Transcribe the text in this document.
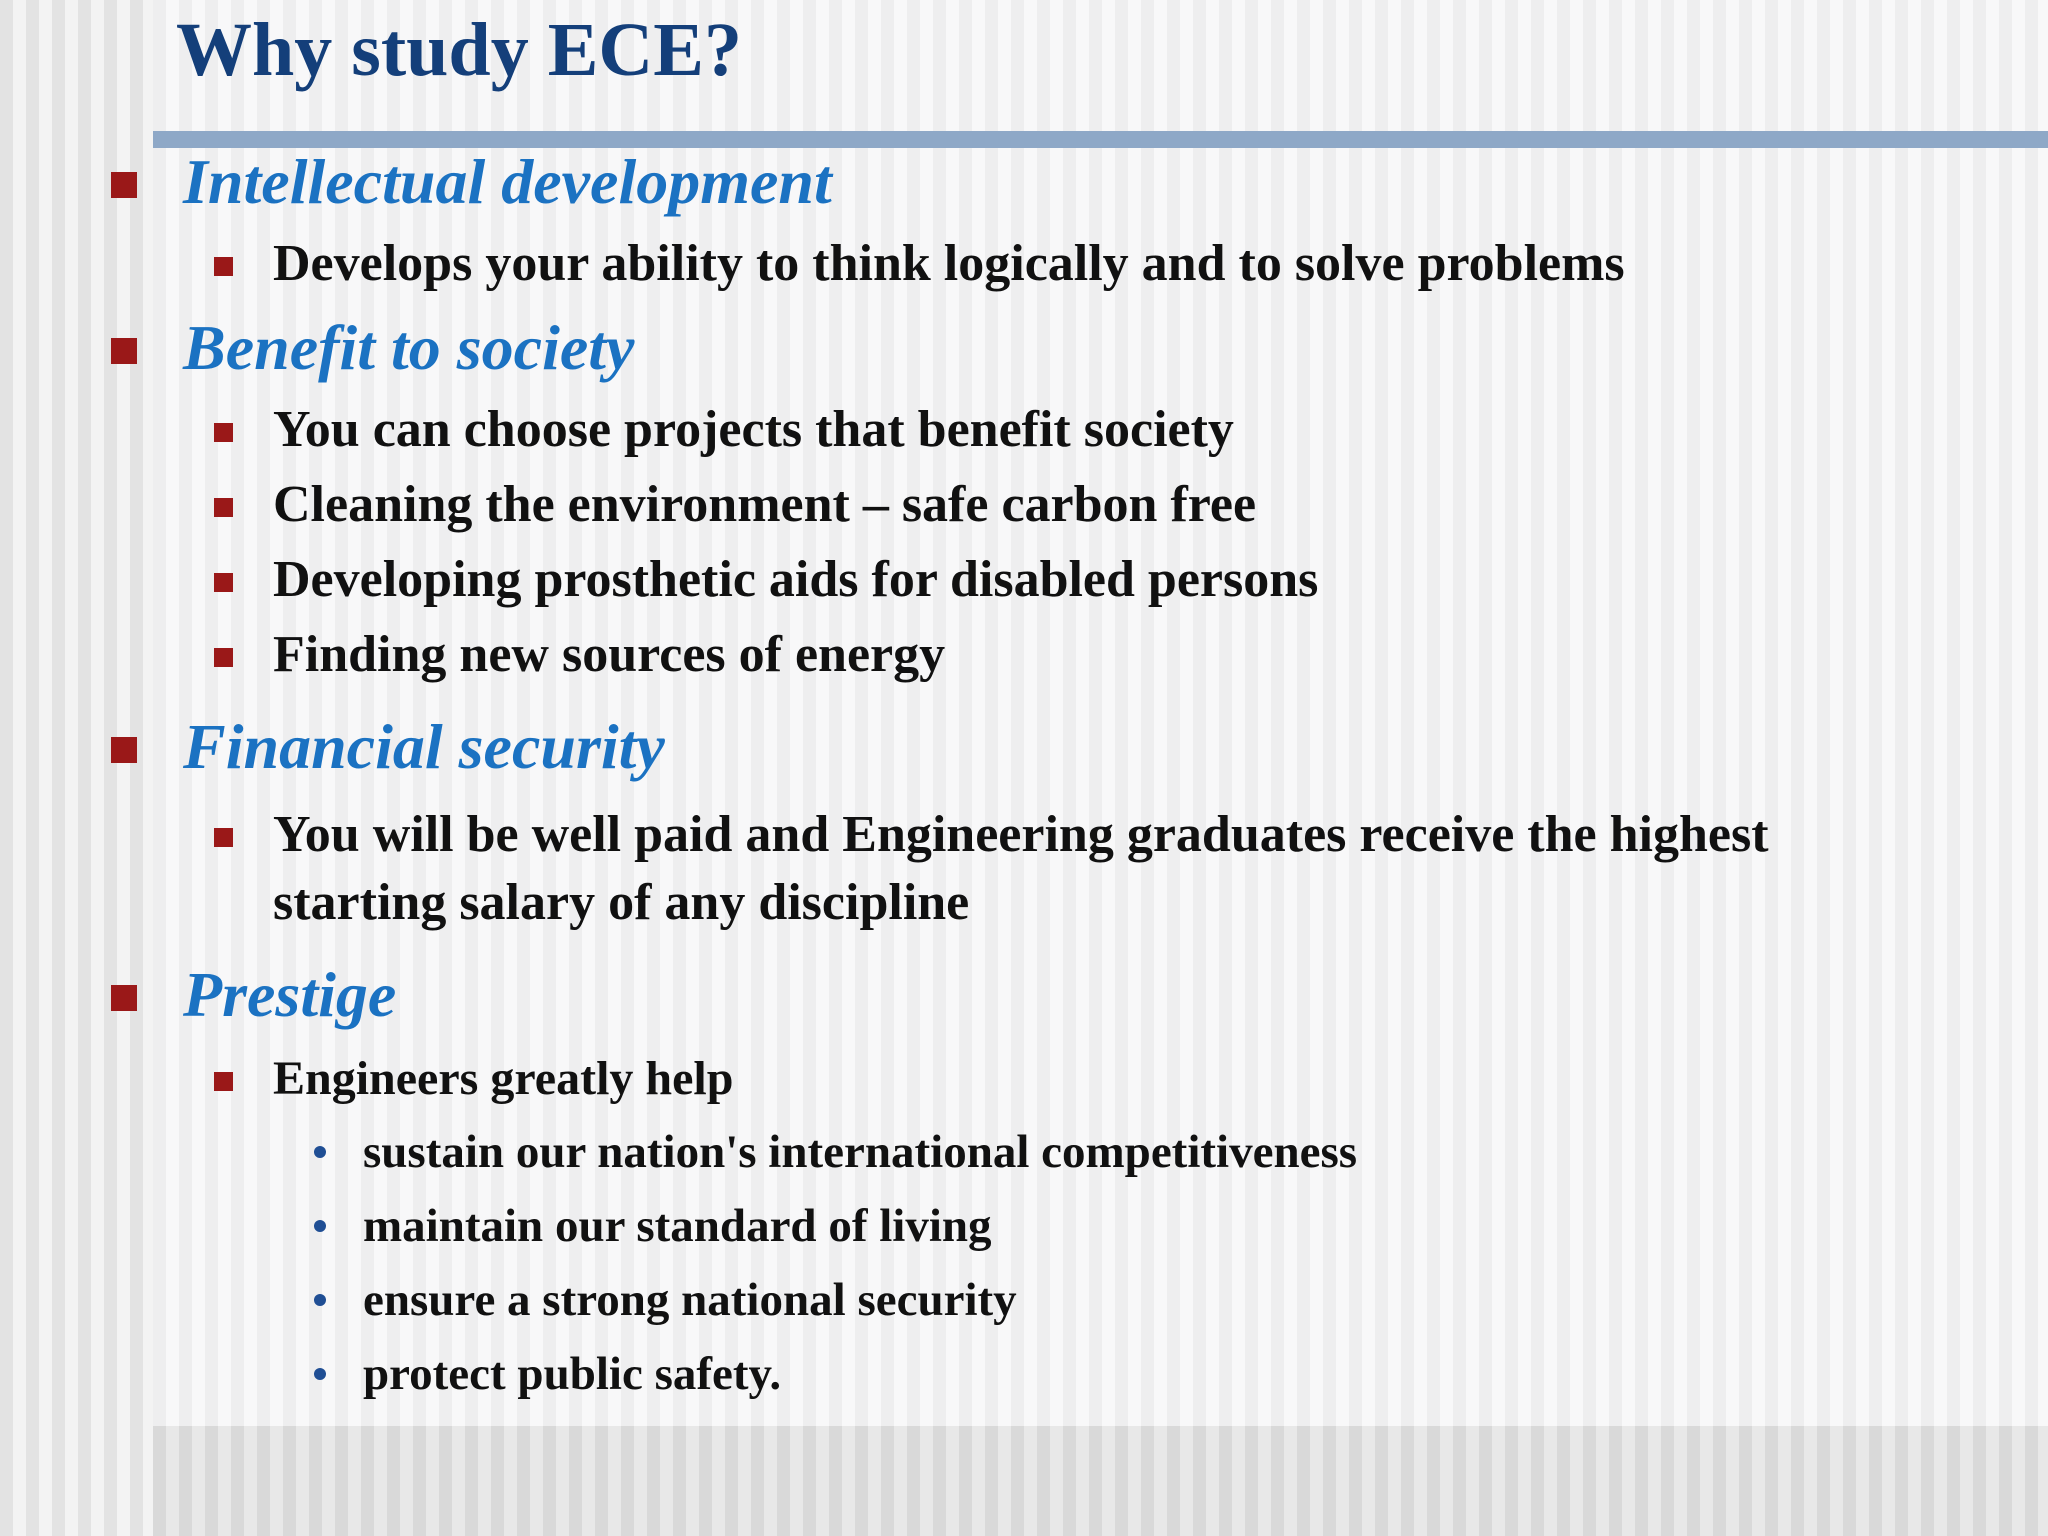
Why study ECE?
Intellectual development
Develops your ability to think logically and to solve problems
Benefit to society
You can choose projects that benefit society
Cleaning the environment – safe carbon free
Developing prosthetic aids for disabled persons
Finding new sources of energy
Financial security
You will be well paid and Engineering graduates receive the highest
starting salary of any discipline
Prestige
Engineers greatly help
sustain our nation's international competitiveness
maintain our standard of living
ensure a strong national security
protect public safety.
